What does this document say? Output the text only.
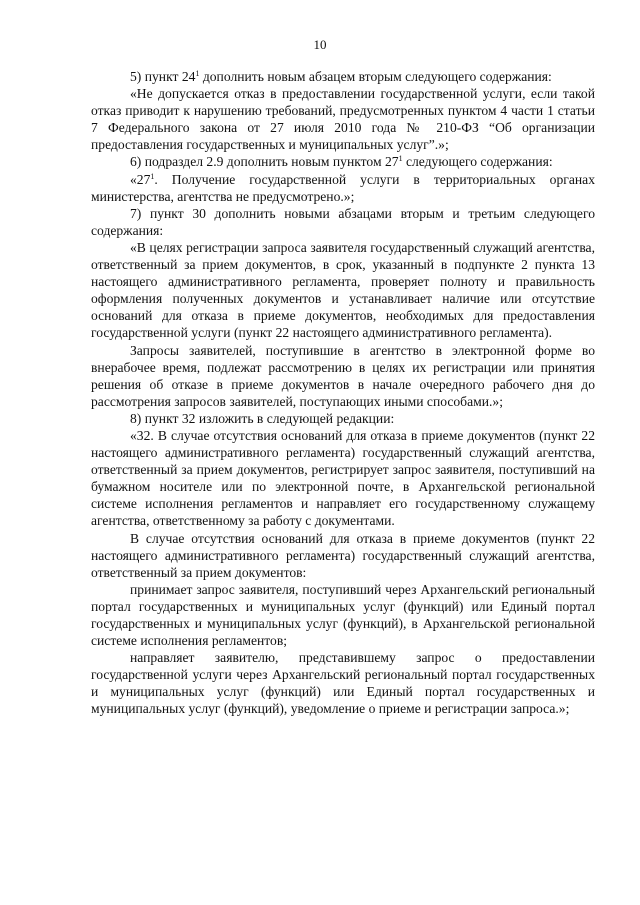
10

5) пункт $24^1$ дополнить новым абзацем вторым следующего содержания:

«Не допускается отказ в предоставлении государственной услуги, если такой отказ приводит к нарушению требований, предусмотренных пунктом 4 части 1 статьи 7 Федерального закона от 27 июля 2010 года № 210-ФЗ “Об организации предоставления государственных и муниципальных услуг”.»;

6) подраздел 2.9 дополнить новым пунктом $27^1$ следующего содержания:

«$27^1$. Получение государственной услуги в территориальных органах министерства, агентства не предусмотрено.»;

7) пункт 30 дополнить новыми абзацами вторым и третьим следующего содержания:

«В целях регистрации запроса заявителя государственный служащий агентства, ответственный за прием документов, в срок, указанный в подпункте 2 пункта 13 настоящего административного регламента, проверяет полноту и правильность оформления полученных документов и устанавливает наличие или отсутствие оснований для отказа в приеме документов, необходимых для предоставления государственной услуги (пункт 22 настоящего административного регламента).

Запросы заявителей, поступившие в агентство в электронной форме во внерабочее время, подлежат рассмотрению в целях их регистрации или принятия решения об отказе в приеме документов в начале очередного рабочего дня до рассмотрения запросов заявителей, поступающих иными способами.»;

8) пункт 32 изложить в следующей редакции:

«32. В случае отсутствия оснований для отказа в приеме документов (пункт 22 настоящего административного регламента) государственный служащий агентства, ответственный за прием документов, регистрирует запрос заявителя, поступивший на бумажном носителе или по электронной почте, в Архангельской региональной системе исполнения регламентов и направляет его государственному служащему агентства, ответственному за работу с документами.

В случае отсутствия оснований для отказа в приеме документов (пункт 22 настоящего административного регламента) государственный служащий агентства, ответственный за прием документов:

принимает запрос заявителя, поступивший через Архангельский региональный портал государственных и муниципальных услуг (функций) или Единый портал государственных и муниципальных услуг (функций), в Архангельской региональной системе исполнения регламентов;

направляет заявителю, представившему запрос о предоставлении государственной услуги через Архангельский региональный портал государственных и муниципальных услуг (функций) или Единый портал государственных и муниципальных услуг (функций), уведомление о приеме и регистрации запроса.»;
